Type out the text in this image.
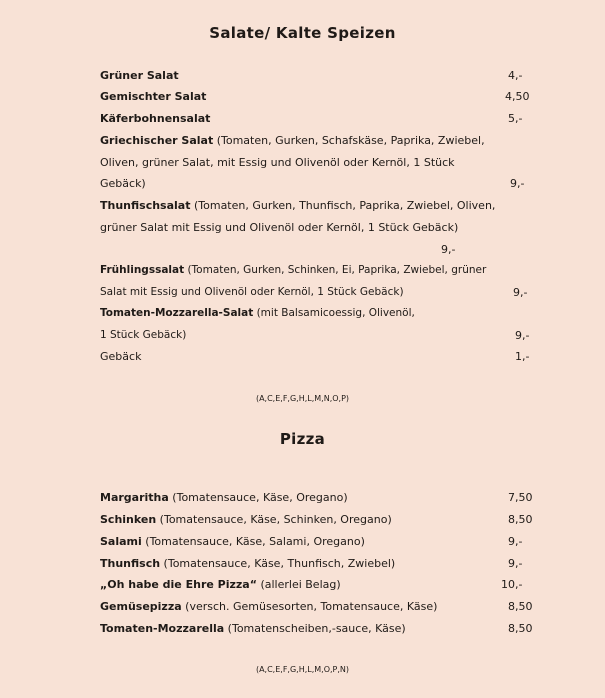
Salate/ Kalte Speizen
Grüner Salat	4,-
Gemischter Salat	4,50
Käferbohnensalat	5,-
Griechischer Salat (Tomaten, Gurken, Schafskäse, Paprika, Zwiebel,
Oliven, grüner Salat, mit Essig und Olivenöl oder Kernöl, 1 Stück
Gebäck)	9,-
Thunfischsalat (Tomaten, Gurken, Thunfisch, Paprika, Zwiebel, Oliven,
grüner Salat mit Essig und Olivenöl oder Kernöl, 1 Stück Gebäck)
9,-
Frühlingssalat (Tomaten, Gurken, Schinken, Ei, Paprika, Zwiebel, grüner
Salat mit Essig und Olivenöl oder Kernöl, 1 Stück Gebäck)	9,-
Tomaten-Mozzarella-Salat (mit Balsamicoessig, Olivenöl,
1 Stück Gebäck)	9,-
Gebäck	1,-
(A,C,E,F,G,H,L,M,N,O,P)
Pizza
Margaritha (Tomatensauce, Käse, Oregano)	7,50
Schinken (Tomatensauce, Käse, Schinken, Oregano)	8,50
Salami (Tomatensauce, Käse, Salami, Oregano)	9,-
Thunfisch (Tomatensauce, Käse, Thunfisch, Zwiebel)	9,-
„Oh habe die Ehre Pizza“ (allerlei Belag)	10,-
Gemüsepizza (versch. Gemüsesorten, Tomatensauce, Käse)	8,50
Tomaten-Mozzarella (Tomatenscheiben,-sauce, Käse)	8,50
(A,C,E,F,G,H,L,M,O,P,N)
